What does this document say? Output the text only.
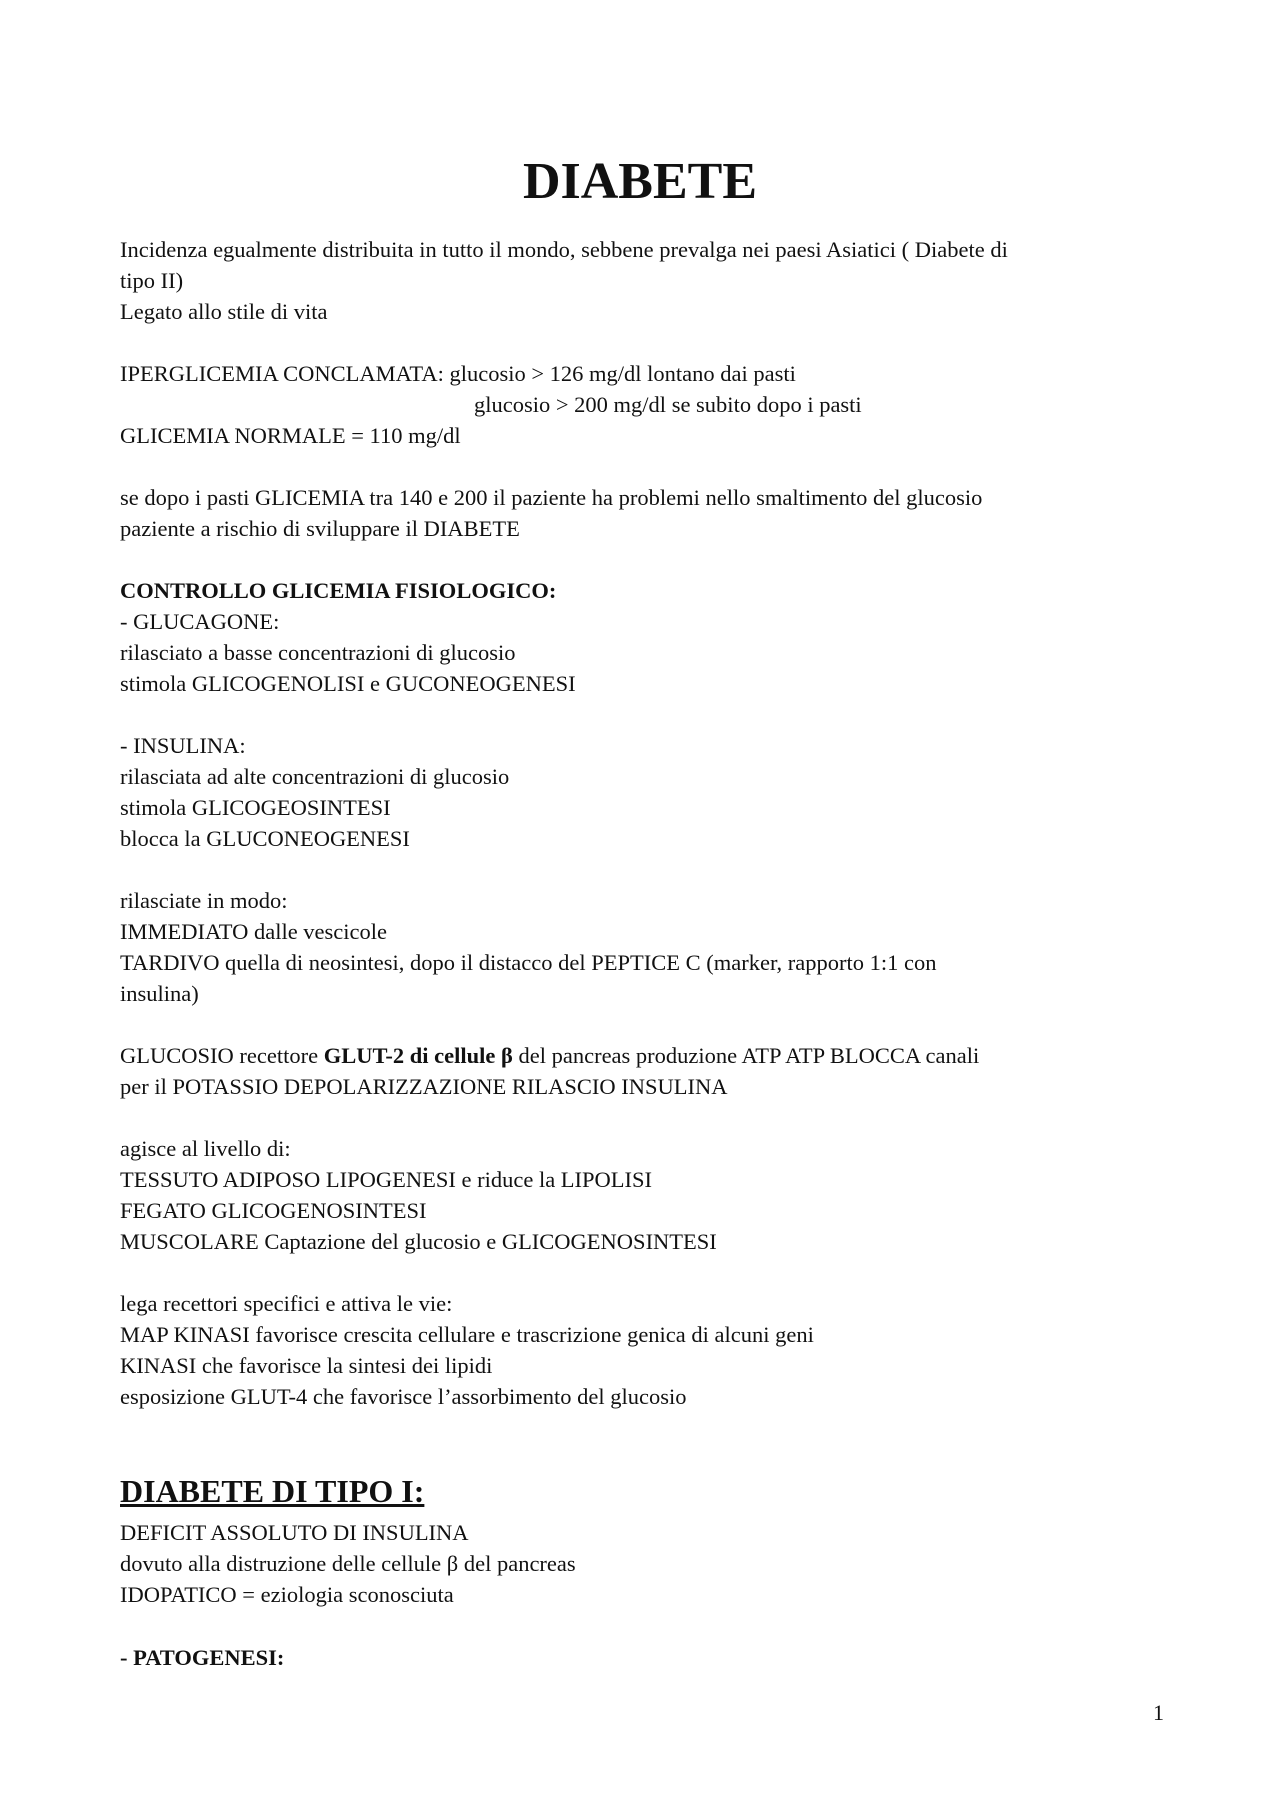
DIABETE
Incidenza egualmente distribuita in tutto il mondo, sebbene prevalga nei paesi Asiatici ( Diabete di
tipo II)
Legato allo stile di vita
IPERGLICEMIA CONCLAMATA: glucosio > 126 mg/dl lontano dai pasti
glucosio > 200 mg/dl se subito dopo i pasti
GLICEMIA NORMALE = 110 mg/dl
se dopo i pasti GLICEMIA tra 140 e 200 il paziente ha problemi nello smaltimento del glucosio
paziente a rischio di sviluppare il DIABETE
CONTROLLO GLICEMIA FISIOLOGICO:
- GLUCAGONE:
rilasciato a basse concentrazioni di glucosio
stimola GLICOGENOLISI e GUCONEOGENESI
- INSULINA:
rilasciata ad alte concentrazioni di glucosio
stimola GLICOGEOSINTESI
blocca la GLUCONEOGENESI
rilasciate in modo:
IMMEDIATO dalle vescicole
TARDIVO quella di neosintesi, dopo il distacco del PEPTICE C (marker, rapporto 1:1 con
insulina)
GLUCOSIO recettore GLUT-2 di cellule β del pancreas produzione ATP ATP BLOCCA canali
per il POTASSIO DEPOLARIZZAZIONE RILASCIO INSULINA
agisce al livello di:
TESSUTO ADIPOSO LIPOGENESI e riduce la LIPOLISI
FEGATO GLICOGENOSINTESI
MUSCOLARE Captazione del glucosio e GLICOGENOSINTESI
lega recettori specifici e attiva le vie:
MAP KINASI favorisce crescita cellulare e trascrizione genica di alcuni geni
KINASI che favorisce la sintesi dei lipidi
esposizione GLUT-4 che favorisce l’assorbimento del glucosio
DIABETE DI TIPO I:
DEFICIT ASSOLUTO DI INSULINA
dovuto alla distruzione delle cellule β del pancreas
IDOPATICO = eziologia sconosciuta
- PATOGENESI:
1
